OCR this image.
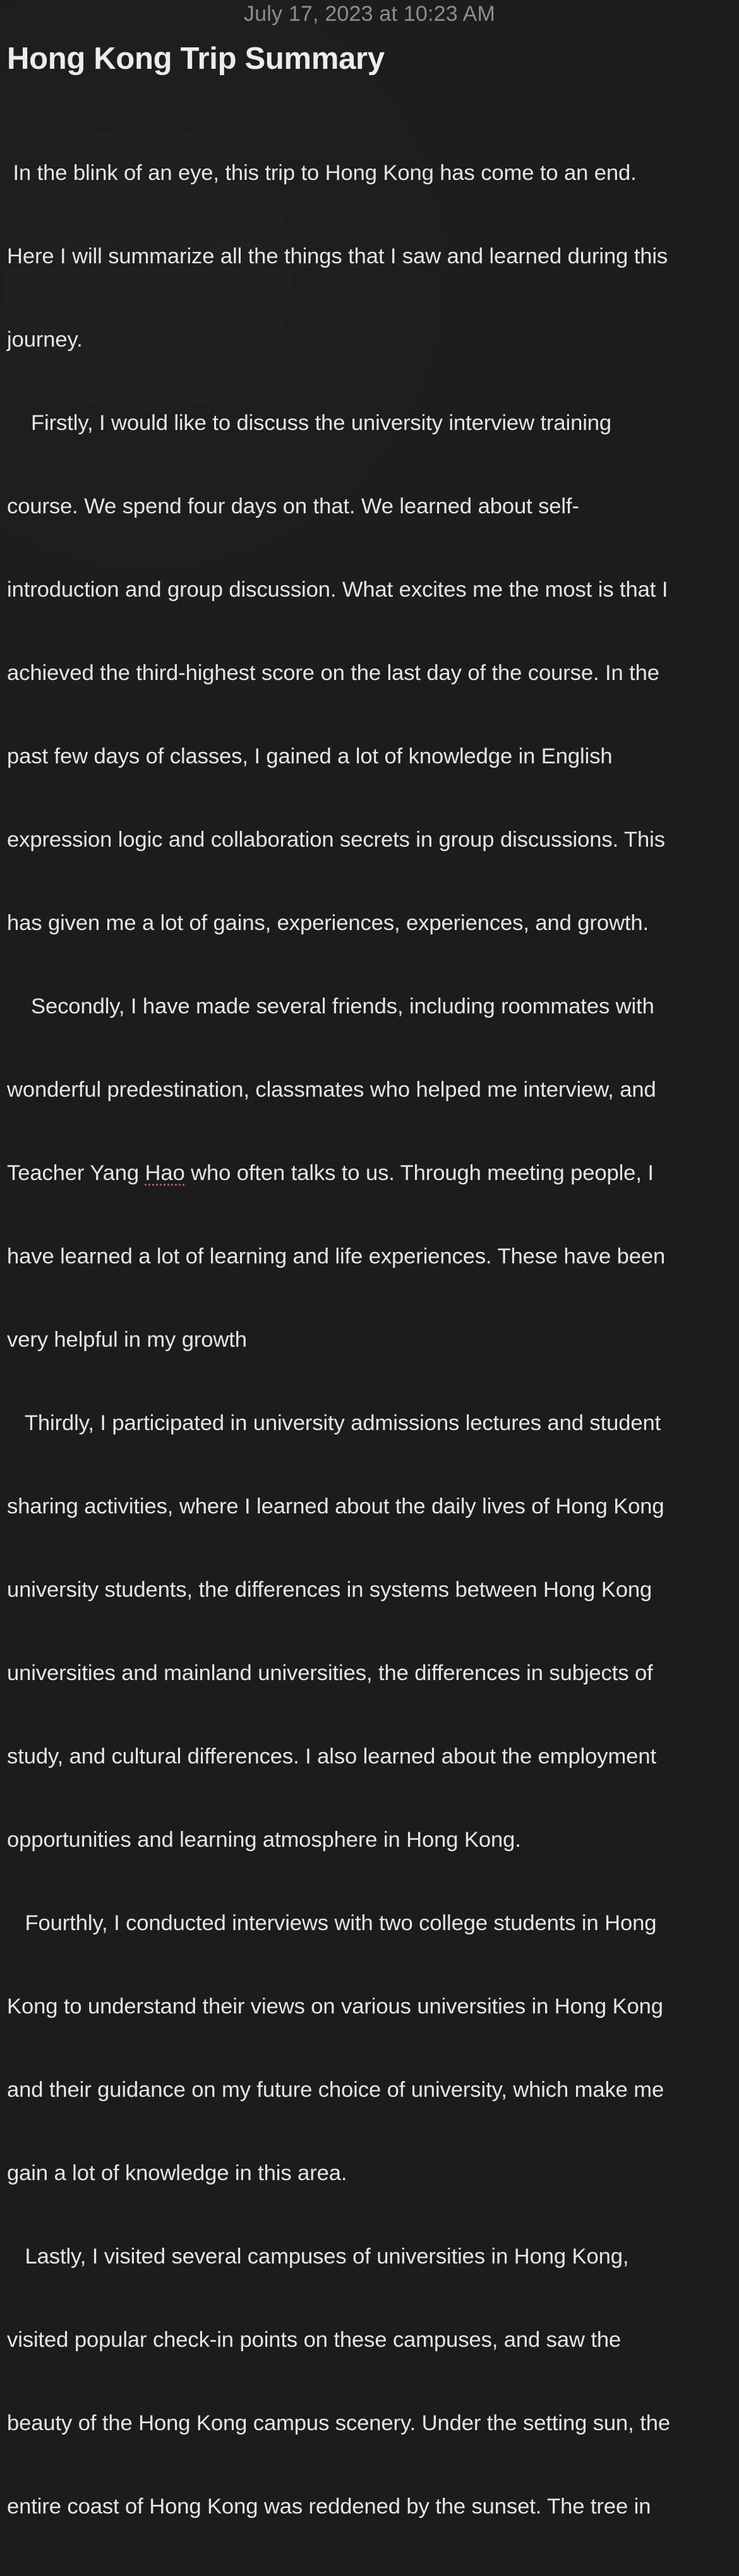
July 17, 2023 at 10:23 AM
Hong Kong Trip Summary

In the blink of an eye, this trip to Hong Kong has come to an end.

Here I will summarize all the things that I saw and learned during this

journey.

Firstly, I would like to discuss the university interview training

course. We spend four days on that. We learned about self-

introduction and group discussion. What excites me the most is that I

achieved the third-highest score on the last day of the course. In the

past few days of classes, I gained a lot of knowledge in English

expression logic and collaboration secrets in group discussions. This

has given me a lot of gains, experiences, experiences, and growth.

Secondly, I have made several friends, including roommates with

wonderful predestination, classmates who helped me interview, and

Teacher Yang Hao who often talks to us. Through meeting people, I

have learned a lot of learning and life experiences. These have been

very helpful in my growth

Thirdly, I participated in university admissions lectures and student

sharing activities, where I learned about the daily lives of Hong Kong

university students, the differences in systems between Hong Kong

universities and mainland universities, the differences in subjects of

study, and cultural differences. I also learned about the employment

opportunities and learning atmosphere in Hong Kong.

Fourthly, I conducted interviews with two college students in Hong

Kong to understand their views on various universities in Hong Kong

and their guidance on my future choice of university, which make me

gain a lot of knowledge in this area.

Lastly, I visited several campuses of universities in Hong Kong,

visited popular check-in points on these campuses, and saw the

beauty of the Hong Kong campus scenery. Under the setting sun, the

entire coast of Hong Kong was reddened by the sunset. The tree in
